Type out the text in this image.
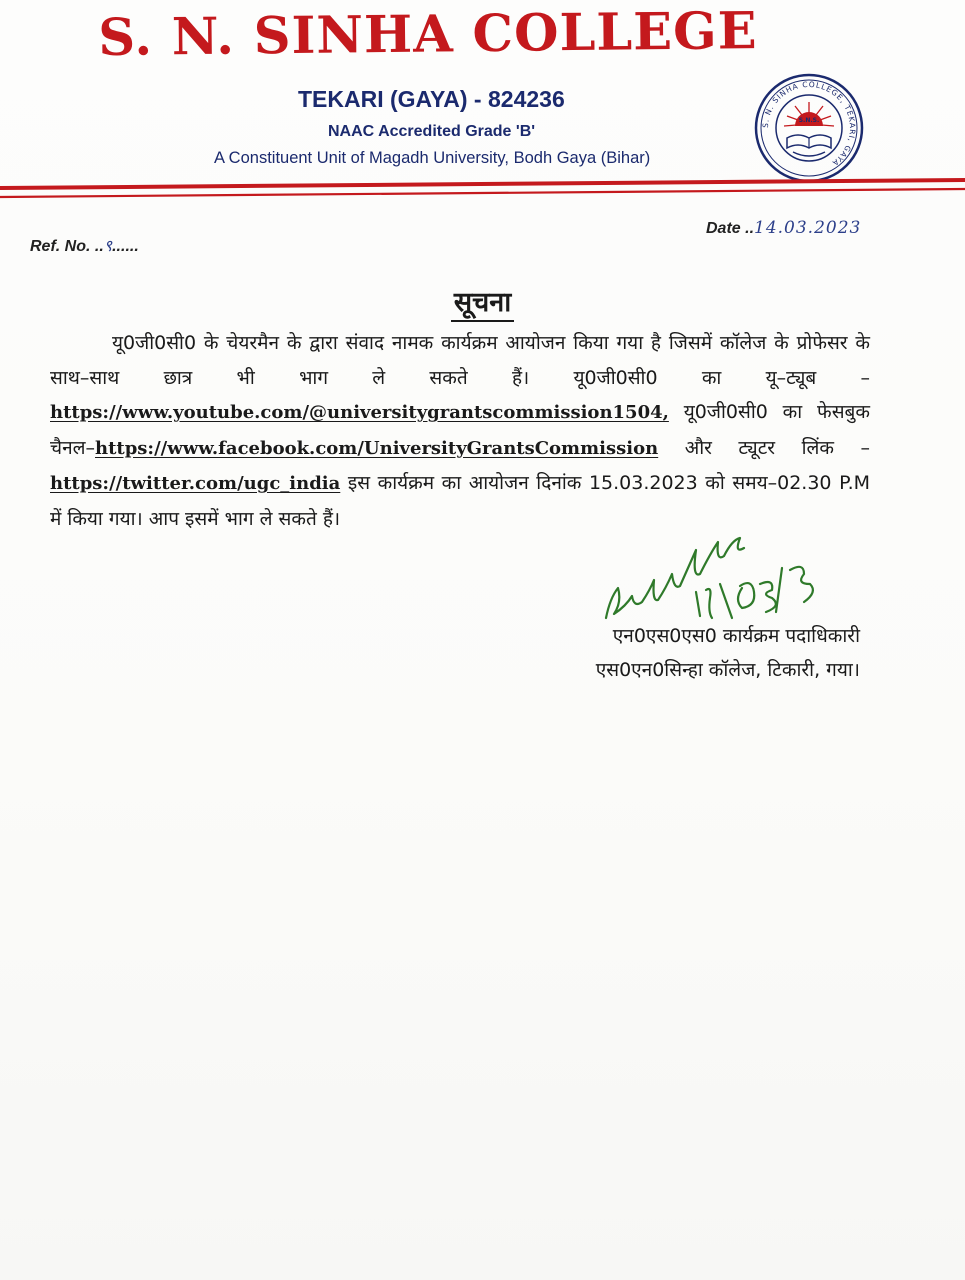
S. N. SINHA COLLEGE
TEKARI (GAYA) - 824236
NAAC Accredited Grade 'B'
A Constituent Unit of Magadh University, Bodh Gaya (Bihar)
S. N. SINHA COLLEGE, TEKARI, GAYA
S.N.S.
Ref. No. ..९......
Date ..14.03.2023
सूचना

यू0जी0सी0 के चेयरमैन के द्वारा संवाद नामक कार्यक्रम आयोजन किया गया है जिसमें कॉलेज के प्रोफेसर के साथ–साथ छात्र भी भाग ले सकते हैं। यू0जी0सी0 का यू–ट्यूब – https://www.youtube.com/@universitygrantscommission1504, यू0जी0सी0 का फेसबुक चैनल–https://www.facebook.com/UniversityGrantsCommission और ट्यूटर लिंक – https://twitter.com/ugc_india इस कार्यक्रम का आयोजन दिनांक 15.03.2023 को समय–02.30 P.M में किया गया। आप इसमें भाग ले सकते हैं।

एन0एस0एस0 कार्यक्रम पदाधिकारी
एस0एन0सिन्हा कॉलेज, टिकारी, गया।
